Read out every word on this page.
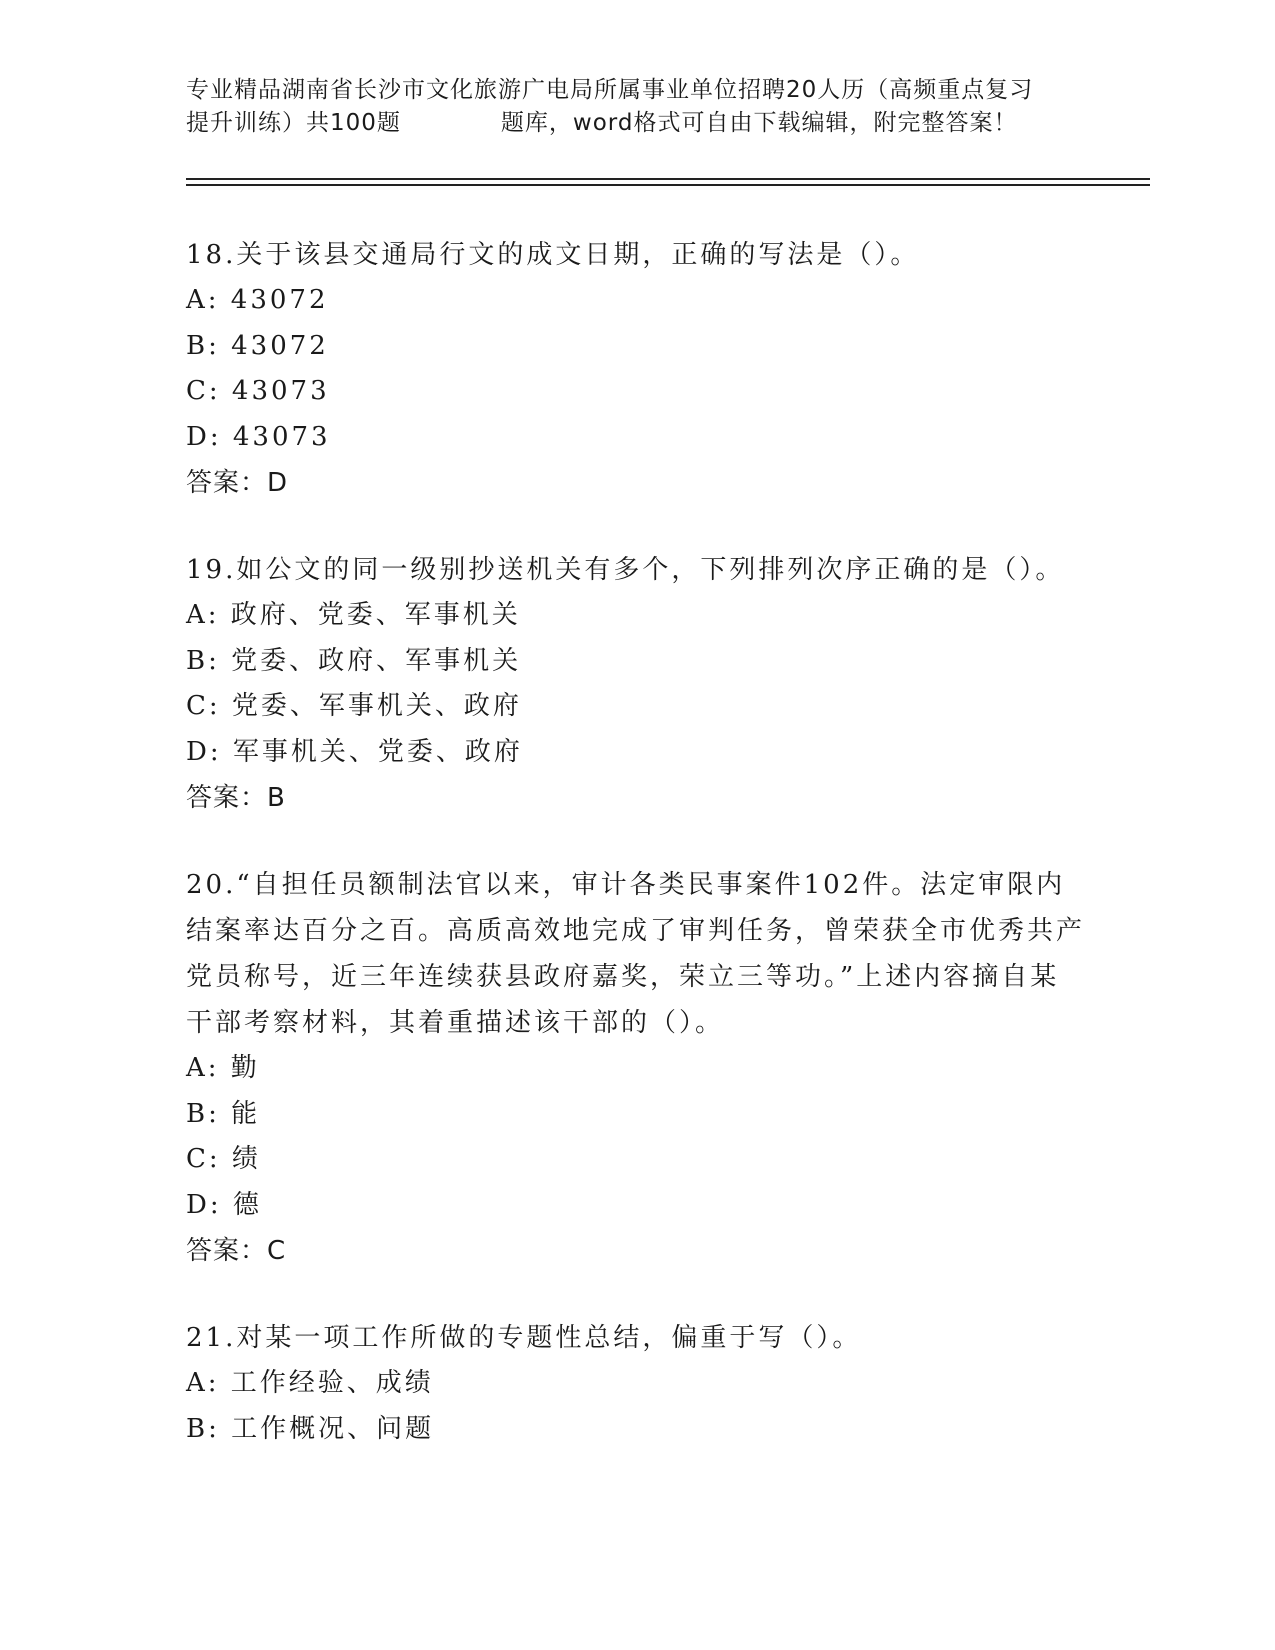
专业精品湖南省长沙市文化旅游广电局所属事业单位招聘20人历（高频重点复习
提升训练）共100题	题库，word格式可自由下载编辑，附完整答案！

18.关于该县交通局行文的成文日期，正确的写法是（）。

A: 43072

B: 43072

C: 43073

D: 43073

答案：D

19.如公文的同一级别抄送机关有多个，下列排列次序正确的是（）。

A: 政府、党委、军事机关

B: 党委、政府、军事机关

C: 党委、军事机关、政府

D: 军事机关、党委、政府

答案：B

20.“自担任员额制法官以来，审计各类民事案件102件。法定审限内结案率达百分之百。高质高效地完成了审判任务，曾荣获全市优秀共产党员称号，近三年连续获县政府嘉奖，荣立三等功。”上述内容摘自某干部考察材料，其着重描述该干部的（）。

A: 勤

B: 能

C: 绩

D: 德

答案：C

21.对某一项工作所做的专题性总结，偏重于写（）。

A: 工作经验、成绩

B: 工作概况、问题
